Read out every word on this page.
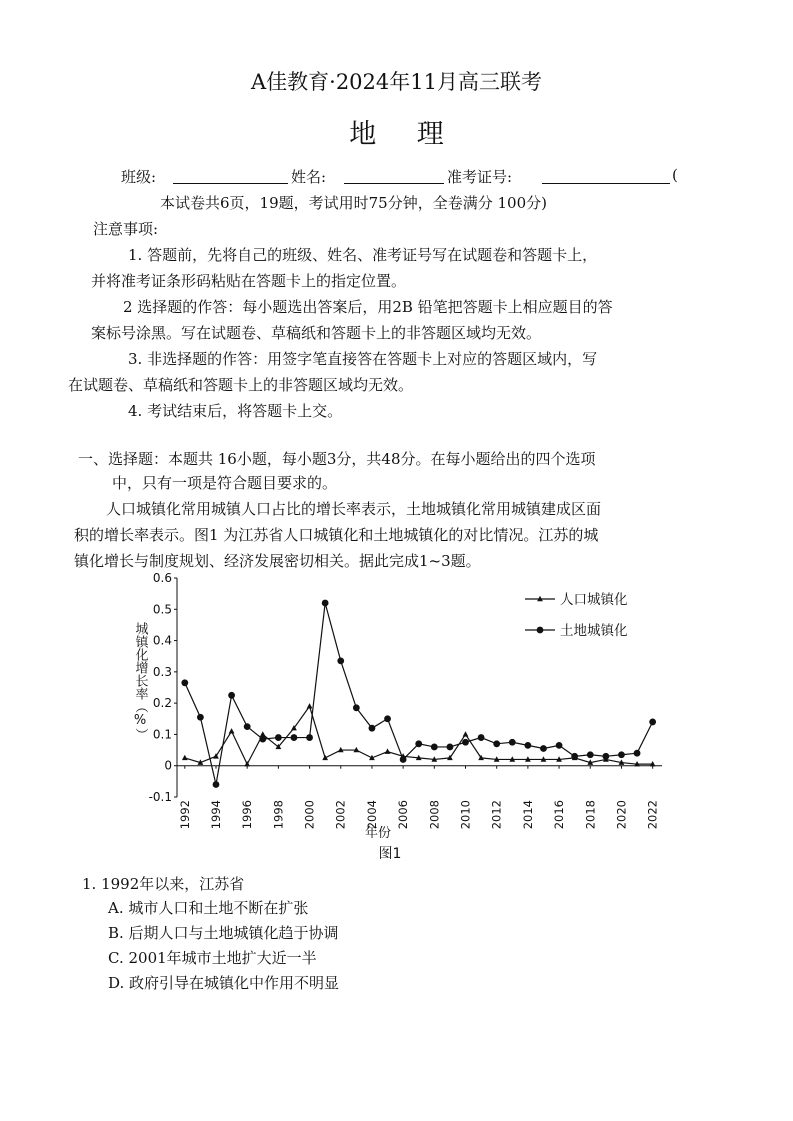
A佳教育·2024年11月高三联考
地 理
班级:	姓名:	准考证号:	(
本试卷共6页，19题，考试用时75分钟，全卷满分 100分)
注意事项:
1. 答题前，先将自己的班级、姓名、准考证号写在试题卷和答题卡上，
并将准考证条形码粘贴在答题卡上的指定位置。
2 选择题的作答：每小题选出答案后，用2B 铅笔把答题卡上相应题目的答
案标号涂黑。写在试题卷、草稿纸和答题卡上的非答题区域均无效。
3. 非选择题的作答：用签字笔直接答在答题卡上对应的答题区域内，写
在试题卷、草稿纸和答题卡上的非答题区域均无效。
4. 考试结束后，将答题卡上交。
一、选择题：本题共 16小题，每小题3分，共48分。在每小题给出的四个选项
中，只有一项是符合题目要求的。
人口城镇化常用城镇人口占比的增长率表示，土地城镇化常用城镇建成区面
积的增长率表示。图1 为江苏省人口城镇化和土地城镇化的对比情况。江苏的城
镇化增长与制度规划、经济发展密切相关。据此完成1~3题。
-0.1
0
0.1
0.2
0.3
0.4
0.5
0.6
1992 1994 1996 1998 2000 2002 2004 2006 2008 2010 2012 2014 2016 2018 2020 2022
人口城镇化
土地城镇化
城镇化增长率（%）
年份
图1
1. 1992年以来，江苏省
A. 城市人口和土地不断在扩张
B. 后期人口与土地城镇化趋于协调
C. 2001年城市土地扩大近一半
D. 政府引导在城镇化中作用不明显
